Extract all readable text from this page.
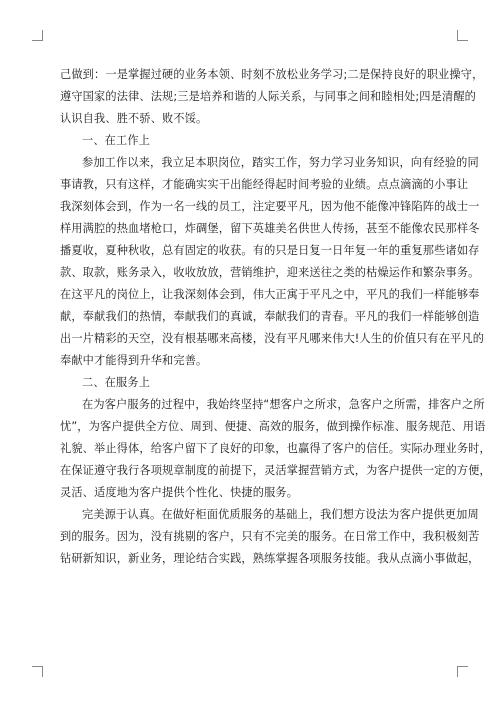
己做到：一是掌握过硬的业务本领、时刻不放松业务学习;二是保持良好的职业操守，
遵守国家的法律、法规;三是培养和谐的人际关系，与同事之间和睦相处;四是清醒的
认识自我、胜不骄、败不馁。
一、在工作上
参加工作以来，我立足本职岗位，踏实工作，努力学习业务知识，向有经验的同
事请教，只有这样，才能确实实干出能经得起时间考验的业绩。点点滴滴的小事让
我深刻体会到，作为一名一线的员工，注定要平凡，因为他不能像冲锋陷阵的战士一
样用满腔的热血堵枪口，炸碉堡，留下英雄美名供世人传扬，甚至不能像农民那样冬
播夏收，夏种秋收，总有固定的收获。有的只是日复一日年复一年的重复那些诸如存
款、取款，账务录入，收收放放，营销维护，迎来送往之类的枯燥运作和繁杂事务。
在这平凡的岗位上，让我深刻体会到，伟大正寓于平凡之中，平凡的我们一样能够奉
献，奉献我们的热情，奉献我们的真诚，奉献我们的青春。平凡的我们一样能够创造
出一片精彩的天空，没有根基哪来高楼，没有平凡哪来伟大!人生的价值只有在平凡的
奉献中才能得到升华和完善。
二、在服务上
在为客户服务的过程中，我始终坚持“想客户之所求，急客户之所需，排客户之所
忧”，为客户提供全方位、周到、便捷、高效的服务，做到操作标准、服务规范、用语
礼貌、举止得体，给客户留下了良好的印象，也赢得了客户的信任。实际办理业务时，
在保证遵守我行各项规章制度的前提下，灵活掌握营销方式，为客户提供一定的方便，
灵活、适度地为客户提供个性化、快捷的服务。
完美源于认真。在做好柜面优质服务的基础上，我们想方设法为客户提供更加周
到的服务。因为，没有挑剔的客户，只有不完美的服务。在日常工作中，我积极刻苦
钻研新知识，新业务，理论结合实践，熟练掌握各项服务技能。我从点滴小事做起，
